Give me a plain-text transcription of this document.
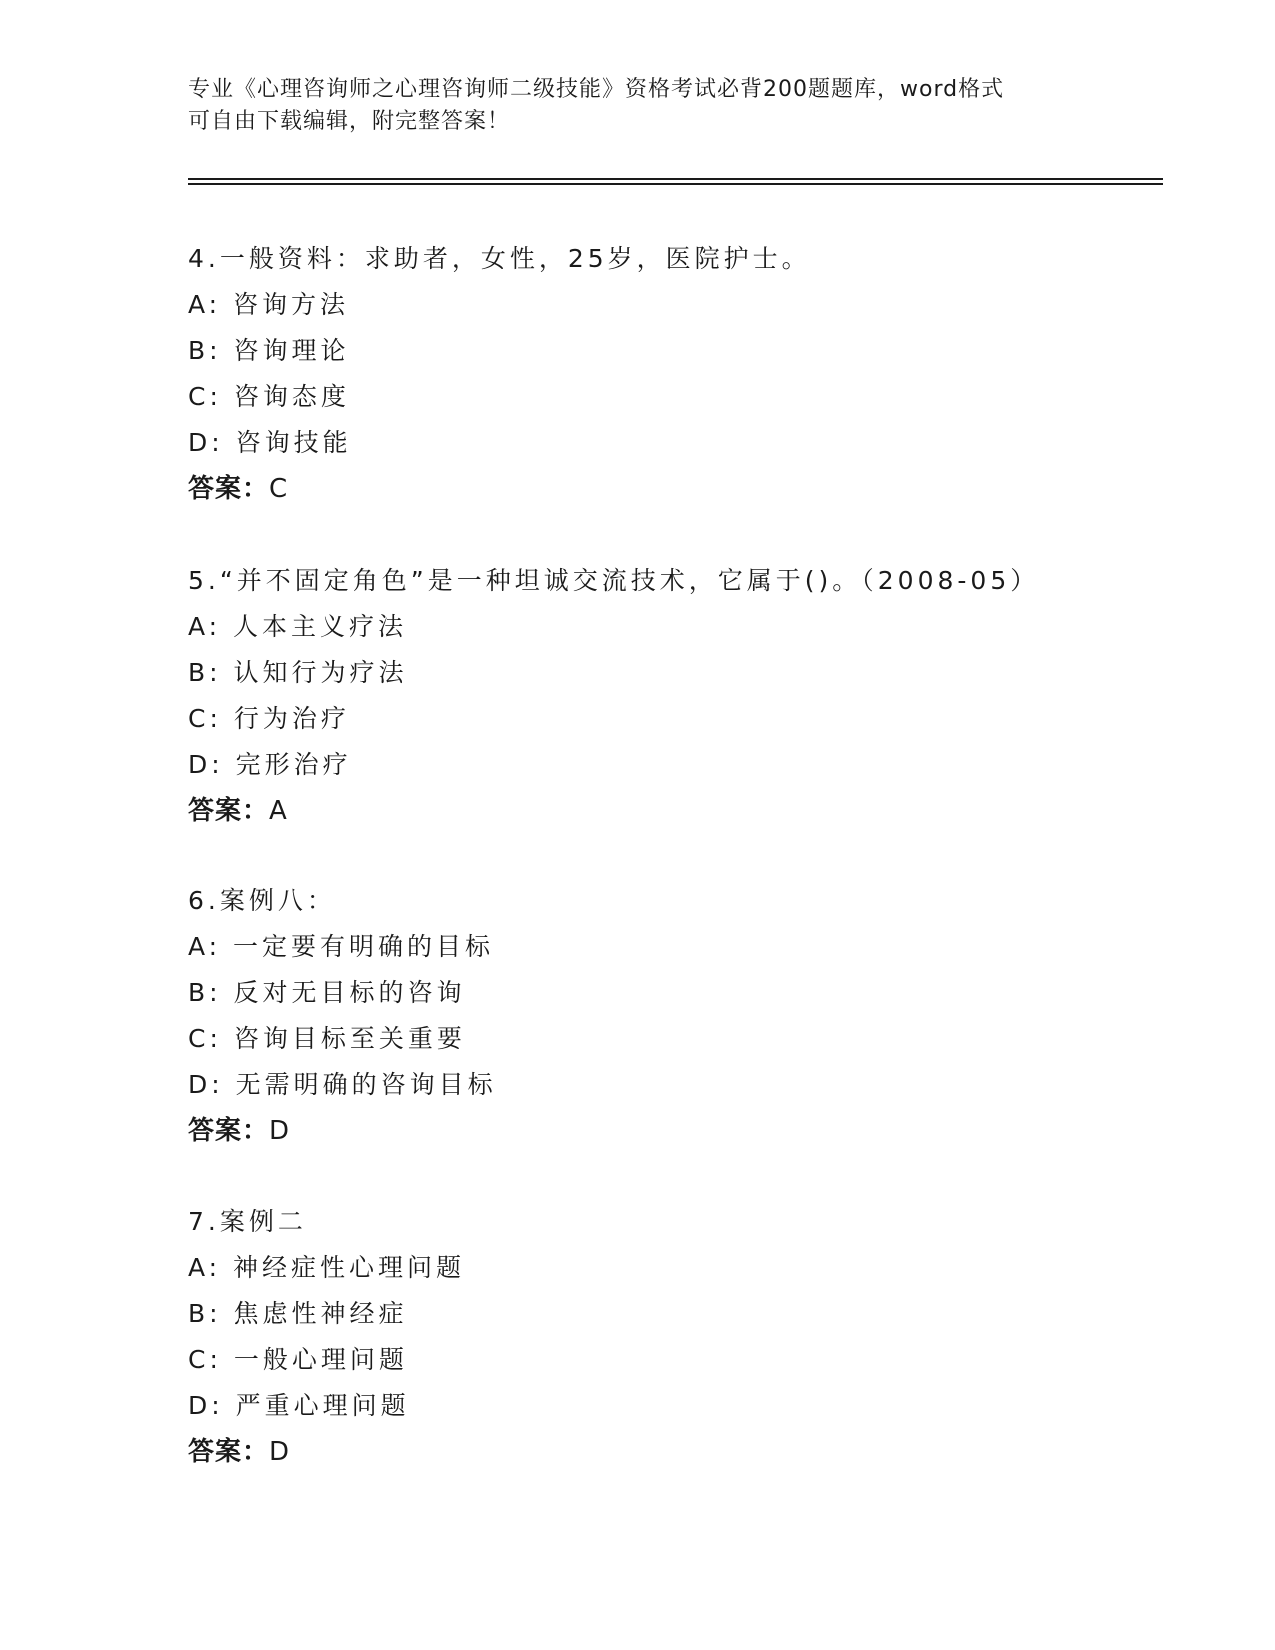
专业《心理咨询师之心理咨询师二级技能》资格考试必背200题题库，word格式
可自由下载编辑，附完整答案！
4.一般资料：求助者，女性，25岁，医院护士。
A: 咨询方法
B: 咨询理论
C: 咨询态度
D: 咨询技能
答案：C
5.“并不固定角色”是一种坦诚交流技术，它属于()。（2008-05）
A: 人本主义疗法
B: 认知行为疗法
C: 行为治疗
D: 完形治疗
答案：A
6.案例八：
A: 一定要有明确的目标
B: 反对无目标的咨询
C: 咨询目标至关重要
D: 无需明确的咨询目标
答案：D
7.案例二
A: 神经症性心理问题
B: 焦虑性神经症
C: 一般心理问题
D: 严重心理问题
答案：D
